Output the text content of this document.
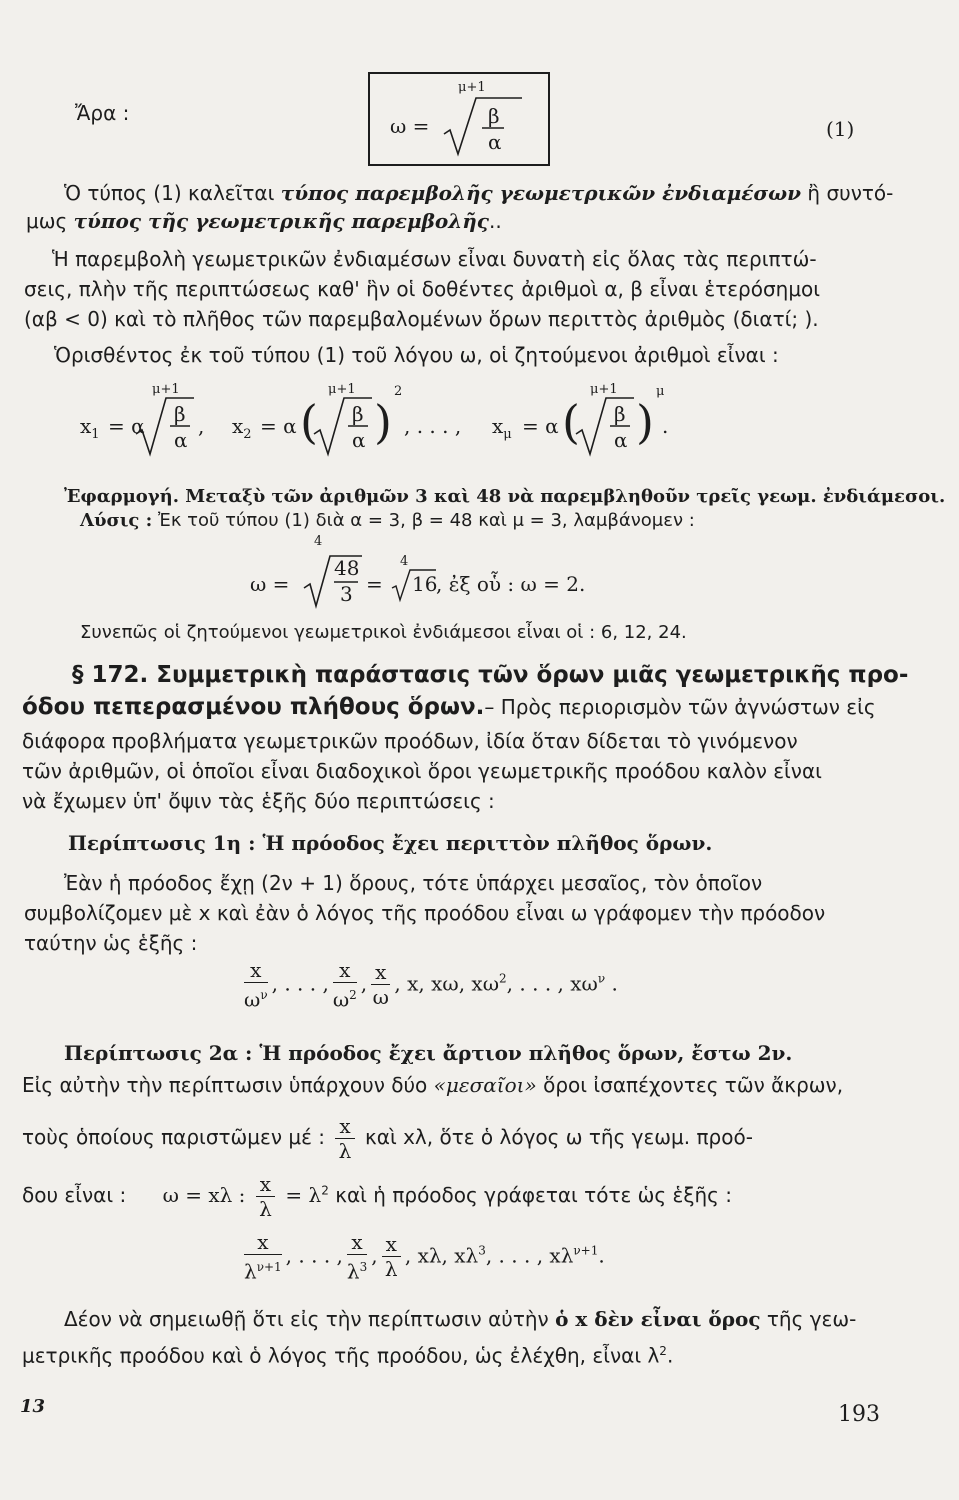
Ἄρα :
ω =
μ+1
β
α
(1)
Ὁ τύπος (1) καλεῖται τύπος παρεμβολῆς γεωμετρικῶν ἐνδιαμέσων ἢ συντό-
μως τύπος τῆς γεωμετρικῆς παρεμβολῆς..
Ἡ παρεμβολὴ γεωμετρικῶν ἐνδιαμέσων εἶναι δυνατὴ εἰς ὅλας τὰς περιπτώ-
σεις, πλὴν τῆς περιπτώσεως καθ' ἣν οἱ δοθέντες ἀριθμοὶ α, β εἶναι ἑτερόσημοι
(αβ < 0) καὶ τὸ πλῆθος τῶν παρεμβαλομένων ὅρων περιττὸς ἀριθμὸς (διατί; ).
Ὁρισθέντος ἐκ τοῦ τύπου (1) τοῦ λόγου ω, οἱ ζητούμενοι ἀριθμοὶ εἶναι :
$x_1 = \alpha$
μ+1
β
α
, $x_2 = \alpha$ (
μ+1
β
α )
2
, . . . , $x_\mu = \alpha$ (
μ+1
β
α )
μ
.
Ἐφαρμογή. Μεταξὺ τῶν ἀριθμῶν 3 καὶ 48 νὰ παρεμβληθοῦν τρεῖς γεωμ. ἐνδιάμεσοι.
Λύσις : Ἐκ τοῦ τύπου (1) διὰ α = 3, β = 48 καὶ μ = 3, λαμβάνομεν :
ω =
4
48
3 =
4
16
, ἐξ οὗ : ω = 2.
Συνεπῶς οἱ ζητούμενοι γεωμετρικοὶ ἐνδιάμεσοι εἶναι οἱ : 6, 12, 24.
§ 172. Συμμετρικὴ παράστασις τῶν ὅρων μιᾶς γεωμετρικῆς προ-
όδου πεπερασμένου πλήθους ὅρων.– Πρὸς περιορισμὸν τῶν ἀγνώστων εἰς
διάφορα προβλήματα γεωμετρικῶν προόδων, ἰδία ὅταν δίδεται τὸ γινόμενον
τῶν ἀριθμῶν, οἱ ὁποῖοι εἶναι διαδοχικοὶ ὅροι γεωμετρικῆς προόδου καλὸν εἶναι
νὰ ἔχωμεν ὑπ' ὄψιν τὰς ἑξῆς δύο περιπτώσεις :
Περίπτωσις 1η : Ἡ πρόοδος ἔχει περιττὸν πλῆθος ὅρων.
Ἐὰν ἡ πρόοδος ἔχῃ (2ν + 1) ὅρους, τότε ὑπάρχει μεσαῖος, τὸν ὁποῖον
συμβολίζομεν μὲ x καὶ ἐὰν ὁ λόγος τῆς προόδου εἶναι ω γράφομεν τὴν πρόοδον
ταύτην ὡς ἑξῆς :
$\frac{x}{\omega^\nu}$ , . . . , $\frac{x}{\omega^2}$ , $\frac{x}{\omega}$ , x, xω, $x\omega^2$, . . . , $x\omega^\nu$ .
Περίπτωσις 2α : Ἡ πρόοδος ἔχει ἄρτιον πλῆθος ὅρων, ἔστω 2ν.
Εἰς αὐτὴν τὴν περίπτωσιν ὑπάρχουν δύο «μεσαῖοι» ὅροι ἰσαπέχοντες τῶν ἄκρων,
τοὺς ὁποίους παριστῶμεν μέ : $\frac{x}{\lambda}$ καὶ xλ, ὅτε ὁ λόγος ω τῆς γεωμ. προό-
δου εἶναι : ω = xλ : $\frac{x}{\lambda} = \lambda^2$ καὶ ἡ πρόοδος γράφεται τότε ὡς ἑξῆς :
$\frac{x}{\lambda^{\nu+1}}$ , . . . , $\frac{x}{\lambda^3}$ , $\frac{x}{\lambda}$ , xλ, $x\lambda^3$, . . . , $x\lambda^{\nu+1}$.
Δέον νὰ σημειωθῇ ὅτι εἰς τὴν περίπτωσιν αὐτὴν ὁ x δὲν εἶναι ὅρος τῆς γεω-
μετρικῆς προόδου καὶ ὁ λόγος τῆς προόδου, ὡς ἐλέχθη, εἶναι $\lambda^2$.
13	193
